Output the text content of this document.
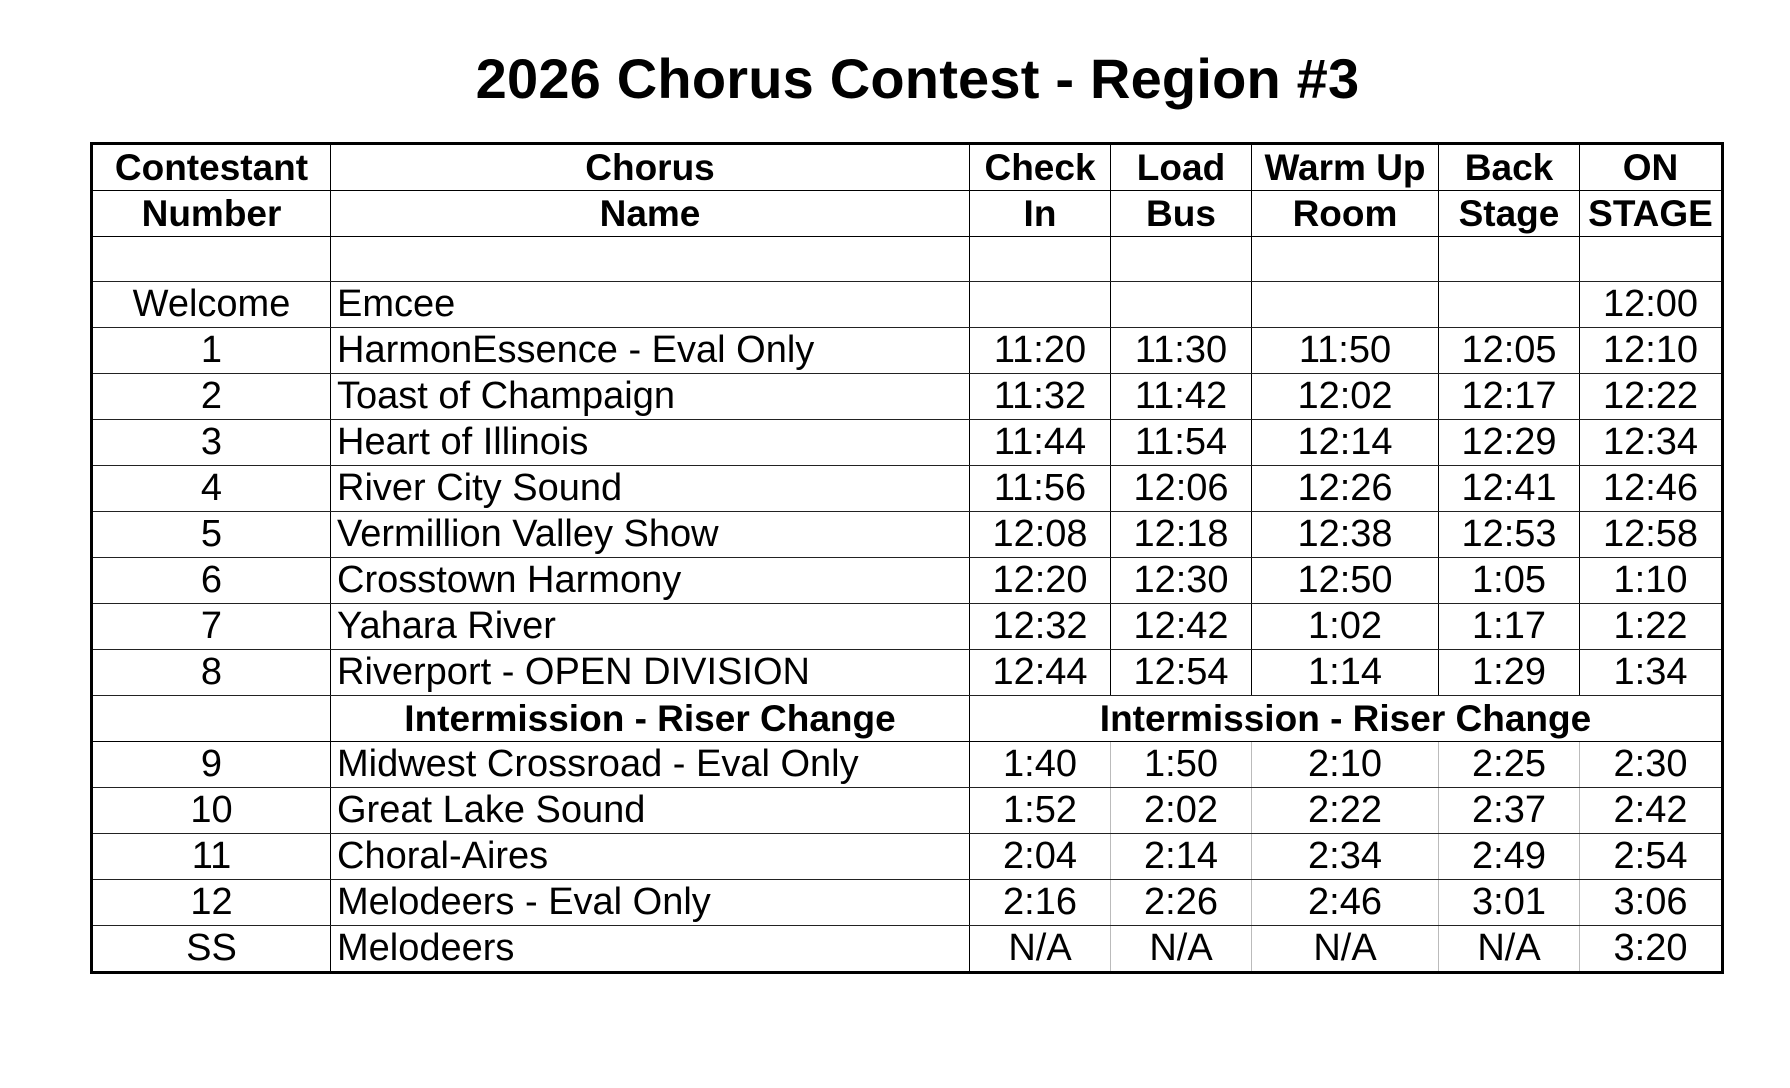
2026 Chorus Contest - Region #3
Contestant	Chorus	Check	Load	Warm Up	Back	ON
Number	Name	In	Bus	Room	Stage	STAGE

Welcome	Emcee					12:00
1	HarmonEssence - Eval Only	11:20	11:30	11:50	12:05	12:10
2	Toast of Champaign	11:32	11:42	12:02	12:17	12:22
3	Heart of Illinois	11:44	11:54	12:14	12:29	12:34
4	River City Sound	11:56	12:06	12:26	12:41	12:46
5	Vermillion Valley Show	12:08	12:18	12:38	12:53	12:58
6	Crosstown Harmony	12:20	12:30	12:50	1:05	1:10
7	Yahara River	12:32	12:42	1:02	1:17	1:22
8	Riverport - OPEN DIVISION	12:44	12:54	1:14	1:29	1:34
	Intermission - Riser Change	Intermission - Riser Change				
9	Midwest Crossroad - Eval Only	1:40	1:50	2:10	2:25	2:30
10	Great Lake Sound	1:52	2:02	2:22	2:37	2:42
11	Choral-Aires	2:04	2:14	2:34	2:49	2:54
12	Melodeers - Eval Only	2:16	2:26	2:46	3:01	3:06
SS	Melodeers	N/A	N/A	N/A	N/A	3:20
